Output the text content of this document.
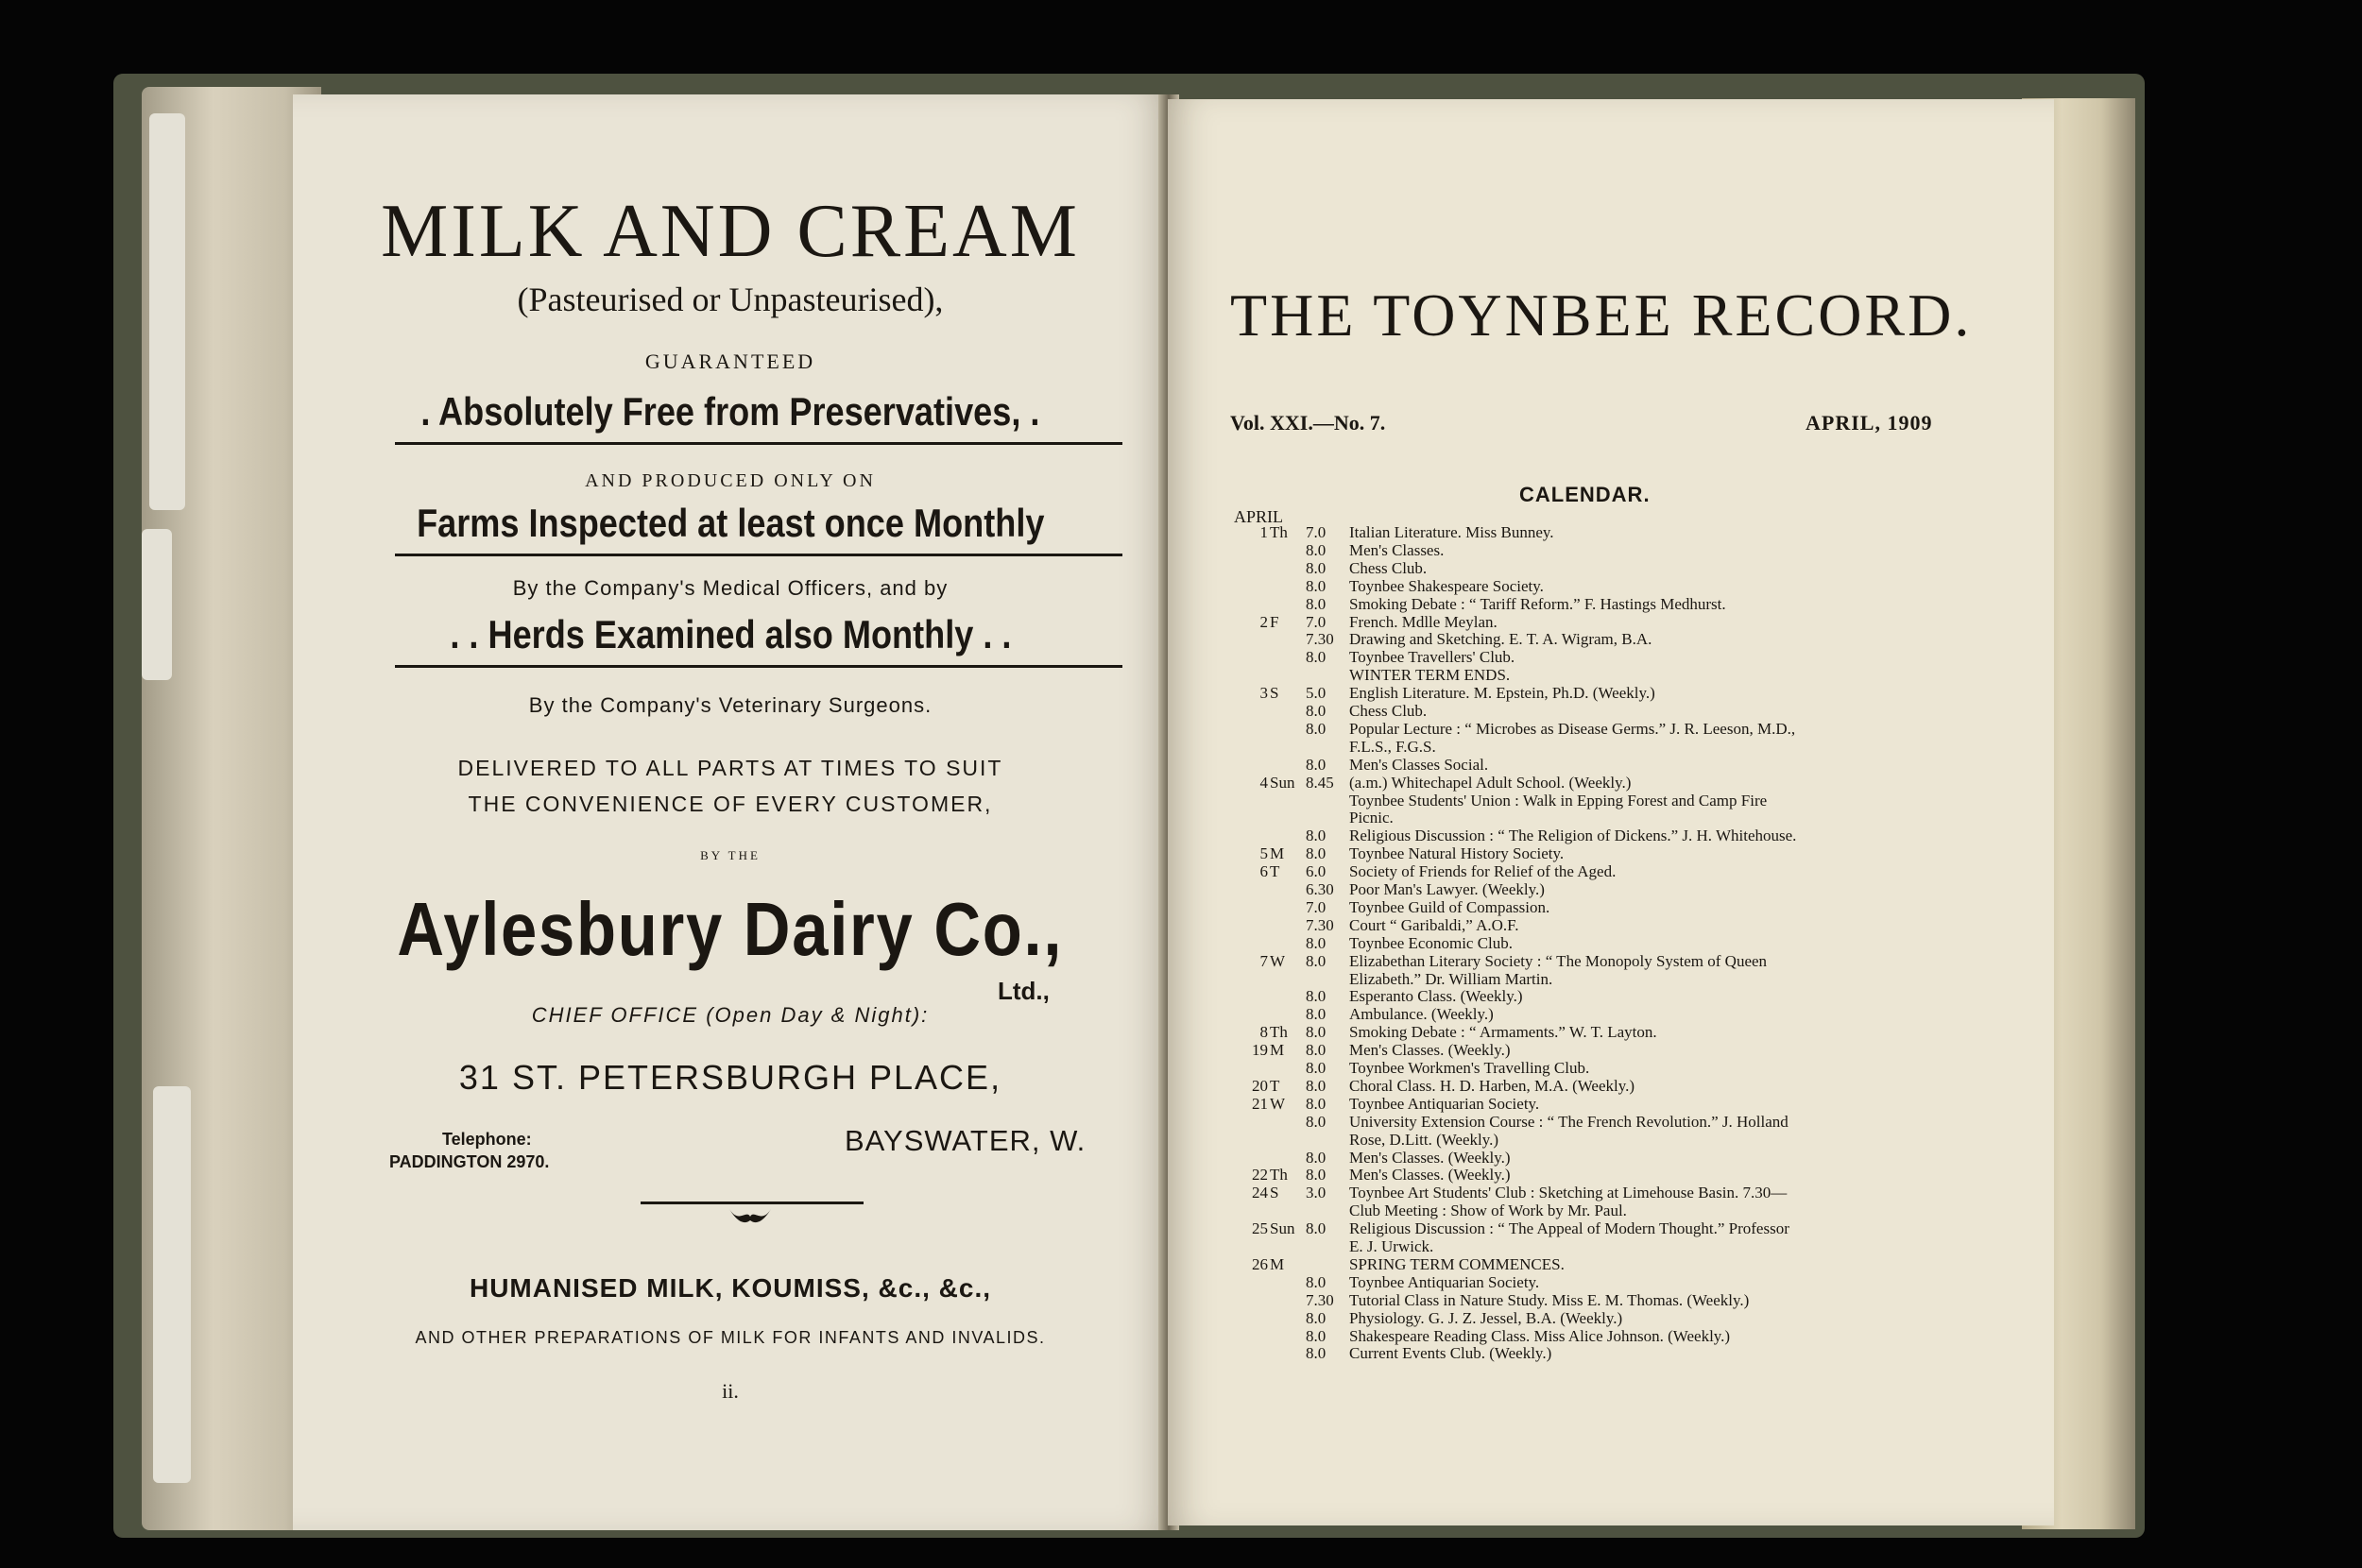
MILK AND CREAM
(Pasteurised or Unpasteurised),
GUARANTEED
. Absolutely Free from Preservatives, .
AND PRODUCED ONLY ON
Farms Inspected at least once Monthly
By the Company's Medical Officers, and by
. . Herds Examined also Monthly . .
By the Company's Veterinary Surgeons.
DELIVERED TO ALL PARTS AT TIMES TO SUIT
THE CONVENIENCE OF EVERY CUSTOMER,
BY THE
Aylesbury Dairy Co.,
Ltd.,
CHIEF OFFICE (Open Day & Night):
31 ST. PETERSBURGH PLACE,
Telephone:
PADDINGTON 2970.
BAYSWATER, W.
HUMANISED MILK, KOUMISS, &c., &c.,
AND OTHER PREPARATIONS OF MILK FOR INFANTS AND INVALIDS.
ii.
THE TOYNBEE RECORD.
Vol. XXI.—No. 7.	APRIL, 1909
CALENDAR.
APRIL
1 Th 7.0 Italian Literature. Miss Bunney.
8.0 Men's Classes.
8.0 Chess Club.
8.0 Toynbee Shakespeare Society.
8.0 Smoking Debate : “ Tariff Reform.” F. Hastings Medhurst.
2 F 7.0 French. Mdlle Meylan.
7.30 Drawing and Sketching. E. T. A. Wigram, B.A.
8.0 Toynbee Travellers' Club.
WINTER TERM ENDS.
3 S 5.0 English Literature. M. Epstein, Ph.D. (Weekly.)
8.0 Chess Club.
8.0 Popular Lecture : “ Microbes as Disease Germs.” J. R. Leeson, M.D.,
F.L.S., F.G.S.
8.0 Men's Classes Social.
4 Sun 8.45 (a.m.) Whitechapel Adult School. (Weekly.)
Toynbee Students' Union : Walk in Epping Forest and Camp Fire
Picnic.
8.0 Religious Discussion : “ The Religion of Dickens.” J. H. Whitehouse.
5 M 8.0 Toynbee Natural History Society.
6 T 6.0 Society of Friends for Relief of the Aged.
6.30 Poor Man's Lawyer. (Weekly.)
7.0 Toynbee Guild of Compassion.
7.30 Court “ Garibaldi,” A.O.F.
8.0 Toynbee Economic Club.
7 W 8.0 Elizabethan Literary Society : “ The Monopoly System of Queen
Elizabeth.” Dr. William Martin.
8.0 Esperanto Class. (Weekly.)
8.0 Ambulance. (Weekly.)
8 Th 8.0 Smoking Debate : “ Armaments.” W. T. Layton.
19 M 8.0 Men's Classes. (Weekly.)
8.0 Toynbee Workmen's Travelling Club.
20 T 8.0 Choral Class. H. D. Harben, M.A. (Weekly.)
21 W 8.0 Toynbee Antiquarian Society.
8.0 University Extension Course : “ The French Revolution.” J. Holland
Rose, D.Litt. (Weekly.)
8.0 Men's Classes. (Weekly.)
22 Th 8.0 Men's Classes. (Weekly.)
24 S 3.0 Toynbee Art Students' Club : Sketching at Limehouse Basin. 7.30—
Club Meeting : Show of Work by Mr. Paul.
25 Sun 8.0 Religious Discussion : “ The Appeal of Modern Thought.” Professor
E. J. Urwick.
26 M	SPRING TERM COMMENCES.
8.0 Toynbee Antiquarian Society.
7.30 Tutorial Class in Nature Study. Miss E. M. Thomas. (Weekly.)
8.0 Physiology. G. J. Z. Jessel, B.A. (Weekly.)
8.0 Shakespeare Reading Class. Miss Alice Johnson. (Weekly.)
8.0 Current Events Club. (Weekly.)
